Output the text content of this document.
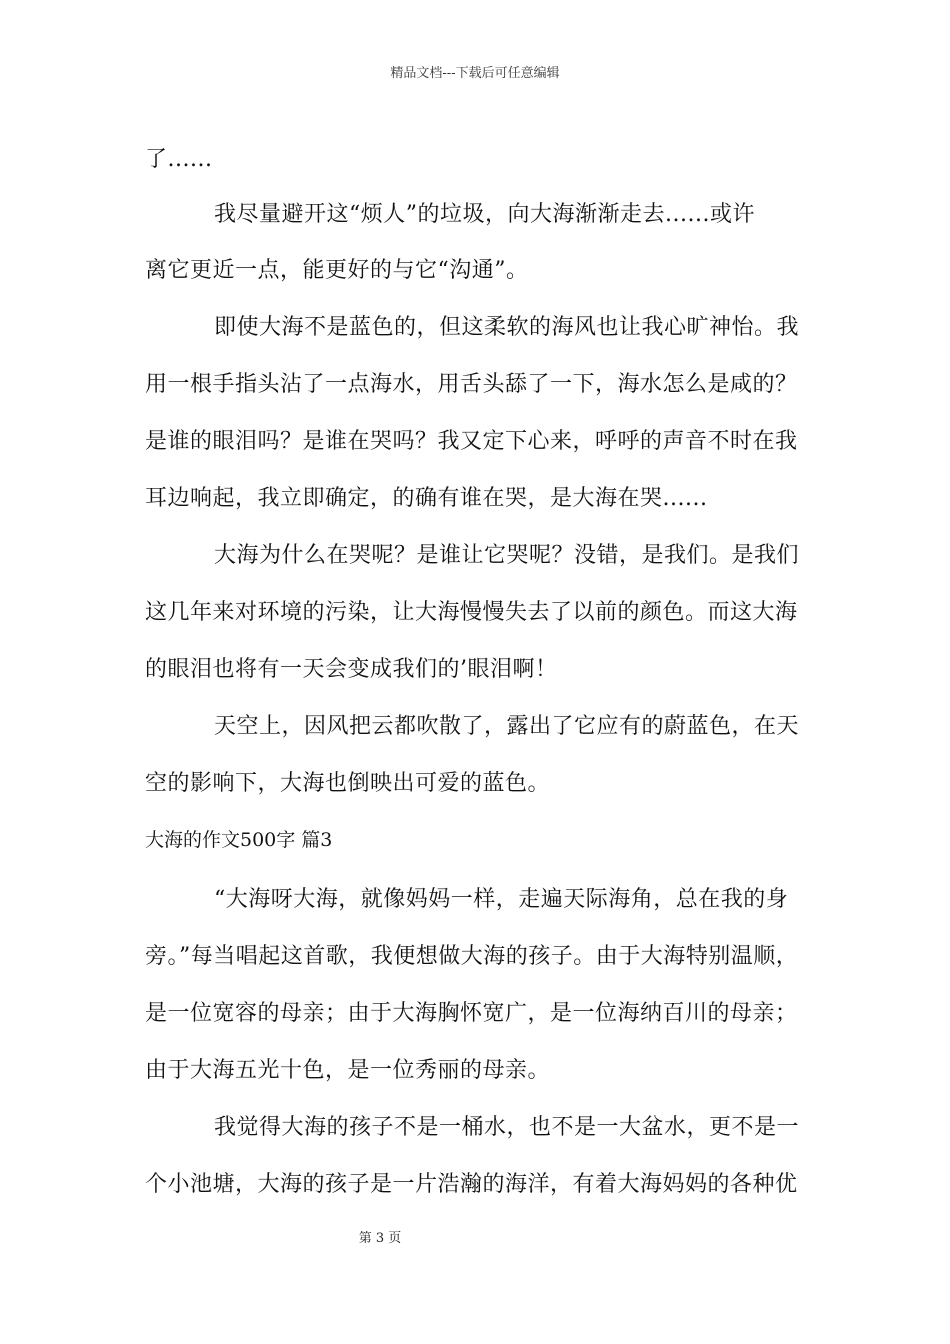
精品文档---下载后可任意编辑
了......
我尽量避开这“烦人”的垃圾，向大海渐渐走去......或许
离它更近一点，能更好的与它“沟通”。
即使大海不是蓝色的，但这柔软的海风也让我心旷神怡。我
用一根手指头沾了一点海水，用舌头舔了一下，海水怎么是咸的？
是谁的眼泪吗？是谁在哭吗？我又定下心来，呼呼的声音不时在我
耳边响起，我立即确定，的确有谁在哭，是大海在哭......
大海为什么在哭呢？是谁让它哭呢？没错，是我们。是我们
这几年来对环境的污染，让大海慢慢失去了以前的颜色。而这大海
的眼泪也将有一天会变成我们的’眼泪啊！
天空上，因风把云都吹散了，露出了它应有的蔚蓝色，在天
空的影响下，大海也倒映出可爱的蓝色。
大海的作文500字 篇3
“大海呀大海，就像妈妈一样，走遍天际海角，总在我的身
旁。”每当唱起这首歌，我便想做大海的孩子。由于大海特别温顺，
是一位宽容的母亲；由于大海胸怀宽广，是一位海纳百川的母亲；
由于大海五光十色，是一位秀丽的母亲。
我觉得大海的孩子不是一桶水，也不是一大盆水，更不是一
个小池塘，大海的孩子是一片浩瀚的海洋，有着大海妈妈的各种优
第 3 页
